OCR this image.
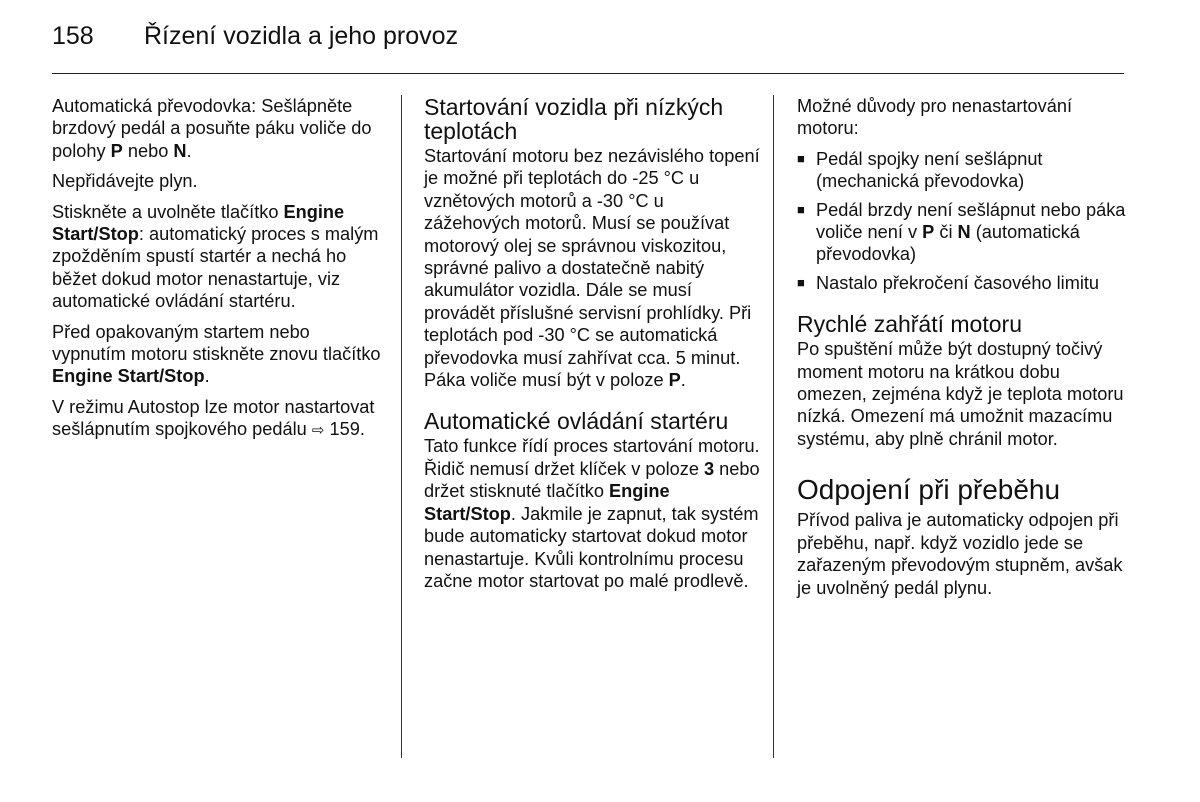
158	Řízení vozidla a jeho provoz

Automatická převodovka: Sešlápněte brzdový pedál a posuňte páku voliče do polohy P nebo N.

Nepřidávejte plyn.

Stiskněte a uvolněte tlačítko Engine Start/Stop: automatický proces s malým zpožděním spustí startér a nechá ho běžet dokud motor nenastartuje, viz automatické ovládání startéru.

Před opakovaným startem nebo vypnutím motoru stiskněte znovu tlačítko Engine Start/Stop.

V režimu Autostop lze motor nastartovat sešlápnutím spojkového pedálu ⇨ 159.

Startování vozidla při nízkých teplotách

Startování motoru bez nezávislého topení je možné při teplotách do -25 °C u vznětových motorů a -30 °C u zážehových motorů. Musí se používat motorový olej se správnou viskozitou, správné palivo a dostatečně nabitý akumulátor vozidla. Dále se musí provádět příslušné servisní prohlídky. Při teplotách pod -30 °C se automatická převodovka musí zahřívat cca. 5 minut. Páka voliče musí být v poloze P.

Automatické ovládání startéru

Tato funkce řídí proces startování motoru. Řidič nemusí držet klíček v poloze 3 nebo držet stisknuté tlačítko Engine Start/Stop. Jakmile je zapnut, tak systém bude automaticky startovat dokud motor nenastartuje. Kvůli kontrolnímu procesu začne motor startovat po malé prodlevě.

Možné důvody pro nenastartování motoru:

■ Pedál spojky není sešlápnut (mechanická převodovka)
■ Pedál brzdy není sešlápnut nebo páka voliče není v P či N (automatická převodovka)
■ Nastalo překročení časového limitu
Rychlé zahřátí motoru

Po spuštění může být dostupný točivý moment motoru na krátkou dobu omezen, zejména když je teplota motoru nízká. Omezení má umožnit mazacímu systému, aby plně chránil motor.

Odpojení při přeběhu

Přívod paliva je automaticky odpojen při přeběhu, např. když vozidlo jede se zařazeným převodovým stupněm, avšak je uvolněný pedál plynu.
